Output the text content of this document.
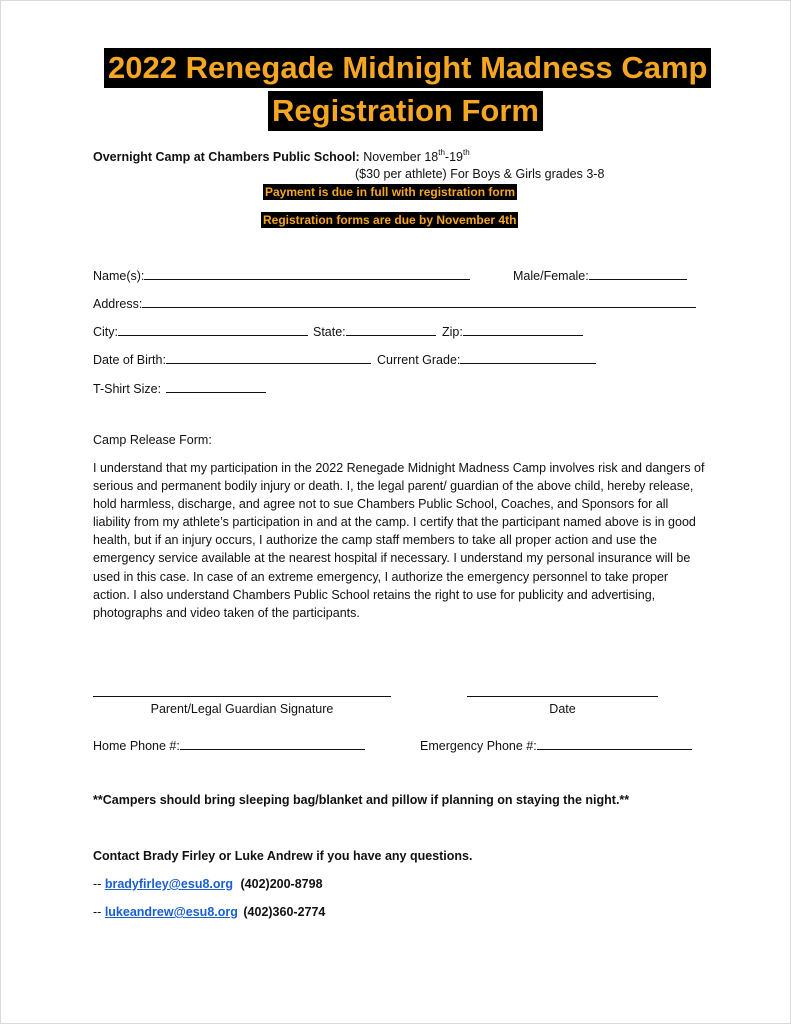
2022 Renegade Midnight Madness Camp
Registration Form
Overnight Camp at Chambers Public School: November 18th-19th
($30 per athlete) For Boys & Girls grades 3-8
Payment is due in full with registration form
Registration forms are due by November 4th
Name(s):	Male/Female:
Address:
City:	State:	Zip:
Date of Birth:	Current Grade:
T-Shirt Size:
Camp Release Form:
I understand that my participation in the 2022 Renegade Midnight Madness Camp involves risk and dangers of serious and permanent bodily injury or death. I, the legal parent/ guardian of the above child, hereby release, hold harmless, discharge, and agree not to sue Chambers Public School, Coaches, and Sponsors for all liability from my athlete’s participation in and at the camp. I certify that the participant named above is in good health, but if an injury occurs, I authorize the camp staff members to take all proper action and use the emergency service available at the nearest hospital if necessary. I understand my personal insurance will be used in this case. In case of an extreme emergency, I authorize the emergency personnel to take proper action. I also understand Chambers Public School retains the right to use for publicity and advertising, photographs and video taken of the participants.
Parent/Legal Guardian Signature	Date
Home Phone #:	Emergency Phone #:
**Campers should bring sleeping bag/blanket and pillow if planning on staying the night.**
Contact Brady Firley or Luke Andrew if you have any questions.
-- bradyfirley@esu8.org (402)200-8798
-- lukeandrew@esu8.org (402)360-2774
